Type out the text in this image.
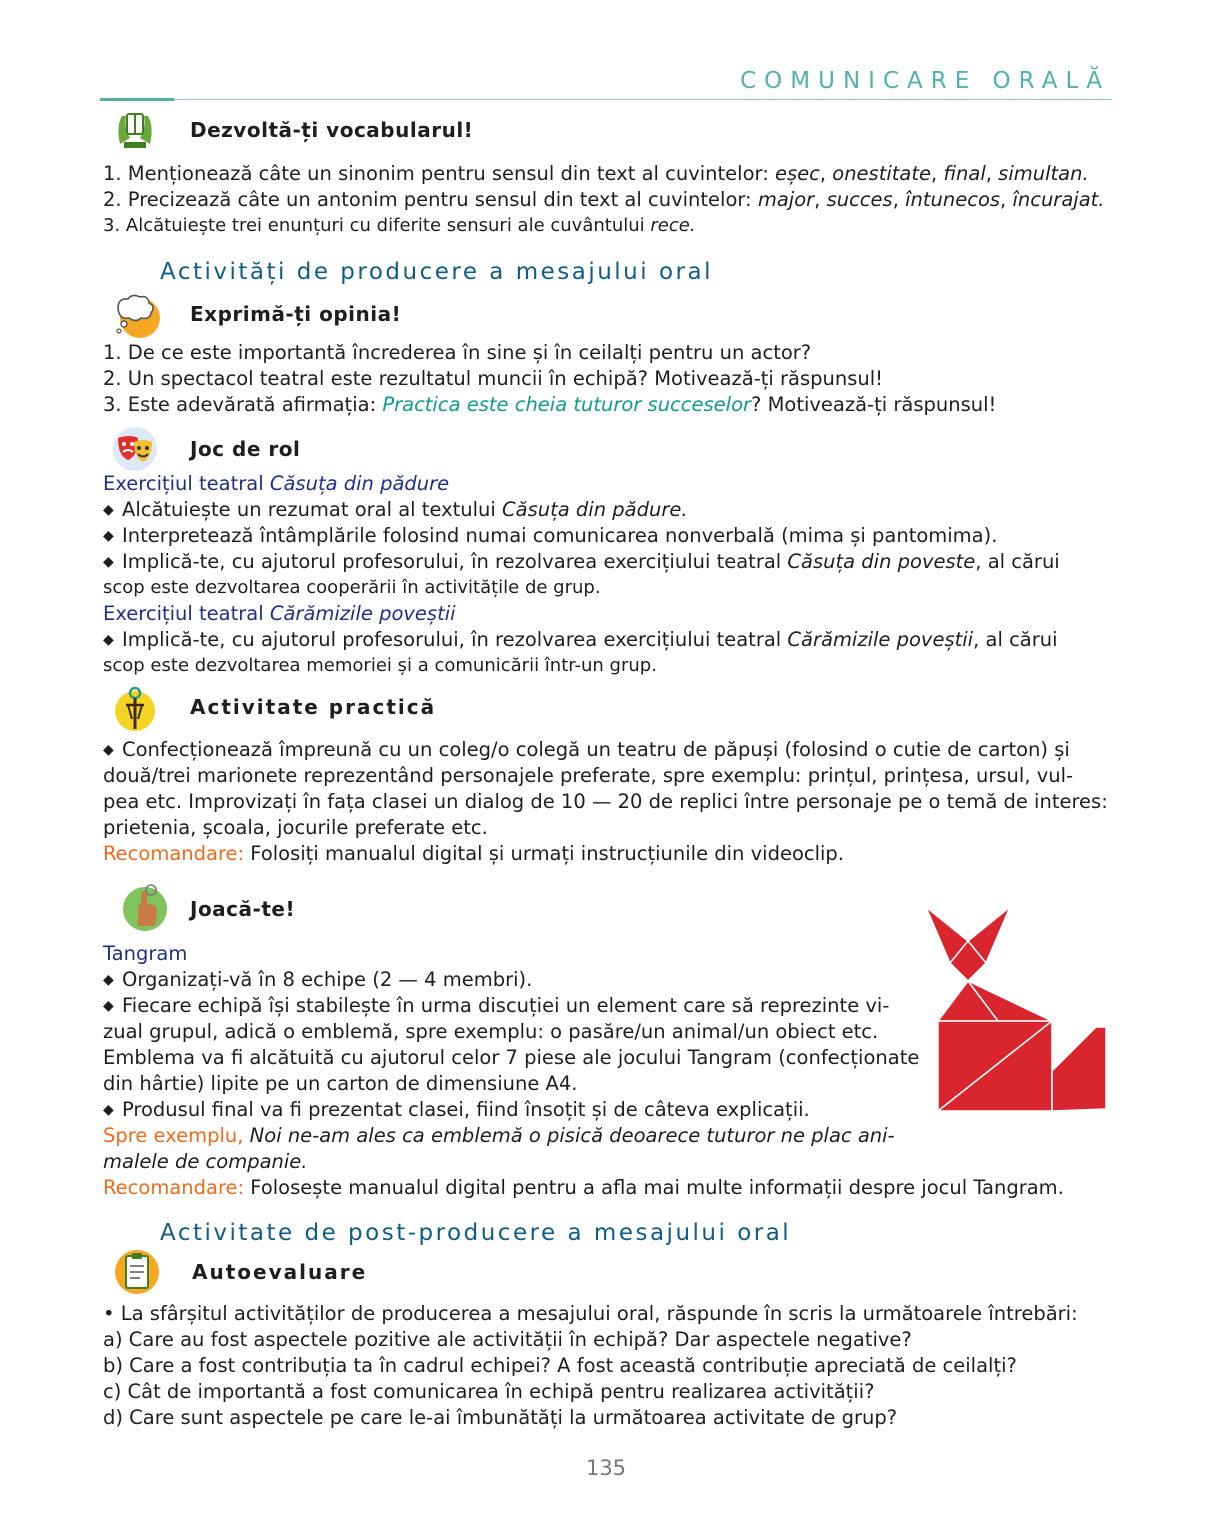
COMUNICARE ORALĂ
Dezvoltă-ți vocabularul!
1. Menționează câte un sinonim pentru sensul din text al cuvintelor: eșec, onestitate, final, simultan.
2. Precizează câte un antonim pentru sensul din text al cuvintelor: major, succes, întunecos, încurajat.
3. Alcătuiește trei enunțuri cu diferite sensuri ale cuvântului rece.
Activități de producere a mesajului oral
Exprimă-ți opinia!
1. De ce este importantă încrederea în sine și în ceilalți pentru un actor?
2. Un spectacol teatral este rezultatul muncii în echipă? Motivează-ți răspunsul!
3. Este adevărată afirmația: Practica este cheia tuturor succeselor? Motivează-ți răspunsul!
Joc de rol
Exercițiul teatral Căsuța din pădure
◆ Alcătuiește un rezumat oral al textului Căsuța din pădure.
◆ Interpretează întâmplările folosind numai comunicarea nonverbală (mima și pantomima).
◆ Implică-te, cu ajutorul profesorului, în rezolvarea exercițiului teatral Căsuța din poveste, al cărui
scop este dezvoltarea cooperării în activitățile de grup.
Exercițiul teatral Cărămizile poveștii
◆ Implică-te, cu ajutorul profesorului, în rezolvarea exercițiului teatral Cărămizile poveștii, al cărui
scop este dezvoltarea memoriei și a comunicării într-un grup.
Activitate practică
◆ Confecționează împreună cu un coleg/o colegă un teatru de păpuși (folosind o cutie de carton) și
două/trei marionete reprezentând personajele preferate, spre exemplu: prințul, prințesa, ursul, vul-
pea etc. Improvizați în fața clasei un dialog de 10 — 20 de replici între personaje pe o temă de interes:
prietenia, școala, jocurile preferate etc.
Recomandare: Folosiți manualul digital și urmați instrucțiunile din videoclip.
Joacă-te!
Tangram
◆ Organizați-vă în 8 echipe (2 — 4 membri).
◆ Fiecare echipă își stabilește în urma discuției un element care să reprezinte vi-
zual grupul, adică o emblemă, spre exemplu: o pasăre/un animal/un obiect etc.
Emblema va fi alcătuită cu ajutorul celor 7 piese ale jocului Tangram (confecționate
din hârtie) lipite pe un carton de dimensiune A4.
◆ Produsul final va fi prezentat clasei, fiind însoțit și de câteva explicații.
Spre exemplu, Noi ne-am ales ca emblemă o pisică deoarece tuturor ne plac ani-
malele de companie.
Recomandare: Folosește manualul digital pentru a afla mai multe informații despre jocul Tangram.
Activitate de post-producere a mesajului oral
Autoevaluare
• La sfârșitul activităților de producerea a mesajului oral, răspunde în scris la următoarele întrebări:
a) Care au fost aspectele pozitive ale activității în echipă? Dar aspectele negative?
b) Care a fost contribuția ta în cadrul echipei? A fost această contribuție apreciată de ceilalți?
c) Cât de importantă a fost comunicarea în echipă pentru realizarea activității?
d) Care sunt aspectele pe care le-ai îmbunătăți la următoarea activitate de grup?
135
